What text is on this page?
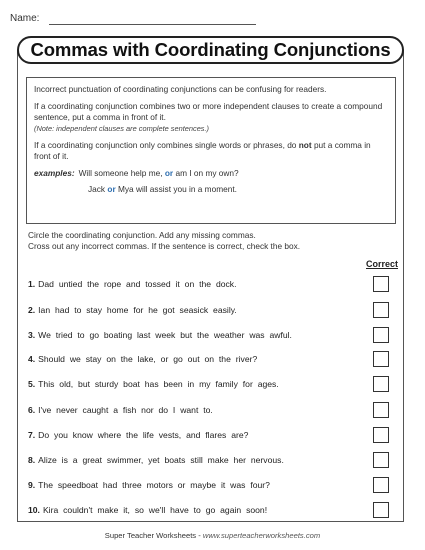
Name:
Commas with Coordinating Conjunctions

Incorrect punctuation of coordinating conjunctions can be confusing for readers.

If a coordinating conjunction combines two or more independent clauses to create a compound sentence, put a comma in front of it.
(Note: independent clauses are complete sentences.)

If a coordinating conjunction only combines single words or phrases, do not put a comma in front of it.

examples: Will someone help me, or am I on my own?
Jack or Mya will assist you in a moment.
Circle the coordinating conjunction. Add any missing commas.
Cross out any incorrect commas. If the sentence is correct, check the box.
Correct
1. Dad untied the rope and tossed it on the dock.
2. Ian had to stay home for he got seasick easily.
3. We tried to go boating last week but the weather was awful.
4. Should we stay on the lake, or go out on the river?
5. This old, but sturdy boat has been in my family for ages.
6. I've never caught a fish nor do I want to.
7. Do you know where the life vests, and flares are?
8. Alize is a great swimmer, yet boats still make her nervous.
9. The speedboat had three motors or maybe it was four?
10. Kira couldn't make it, so we'll have to go again soon!
Super Teacher Worksheets - www.superteacherworksheets.com
